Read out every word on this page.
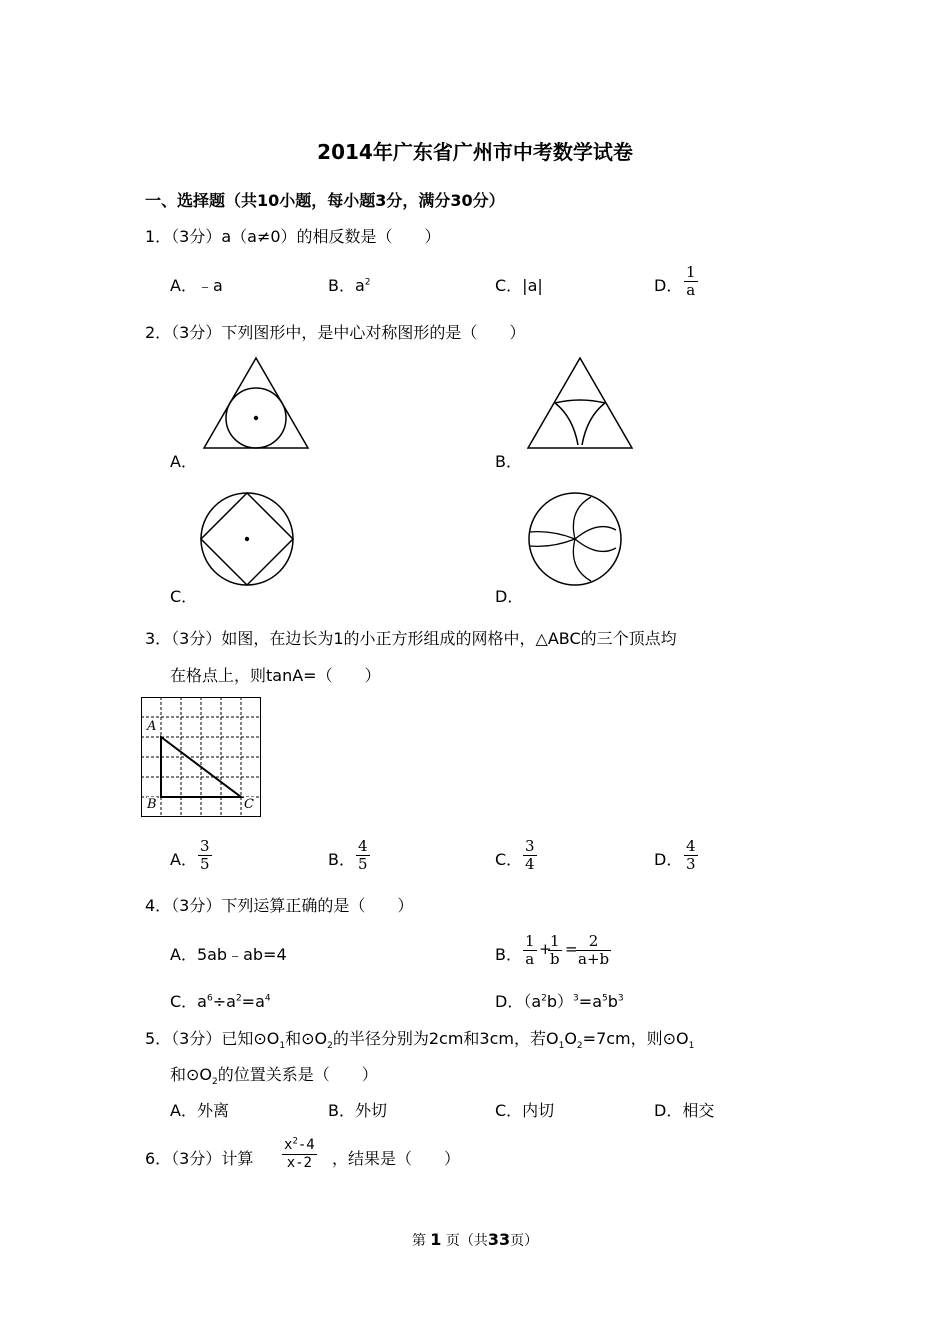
2014年广东省广州市中考数学试卷
一、选择题（共10小题，每小题3分，满分30分）
1．（3分）a（a≠0）的相反数是（　　）
A．﹣a	B．$a^2$	C．|a|	D． $\frac{1}{a}$
2．（3分）下列图形中，是中心对称图形的是（　　）
A．	B．
C．	D．
3．（3分）如图，在边长为1的小正方形组成的网格中，△ABC的三个顶点均
在格点上，则tanA=（　　）
A
B	C
A． $\frac{3}{5}$	B． $\frac{4}{5}$	C． $\frac{3}{4}$	D． $\frac{4}{3}$
4．（3分）下列运算正确的是（　　）
A．5ab﹣ab=4	B． $\frac{1}{a}$ +
$\frac{1}{b}$ =
$\frac{2}{a+b}$
C．$a^6\div a^2=a^4$	D．$(a^2b)^3=a^5b^3$
5．（3分）已知$⊙O_1$和$⊙O_2$的半径分别为2cm和3cm，若$O_1O_2=7cm$，则$⊙O_1$
和$⊙O_2$的位置关系是（　　）
A．外离	B．外切	C．内切	D．相交
6．（3分）计算 $\frac{x^2-4}{x-2}$ ，结果是（　　）
第 1 页（共33页）
